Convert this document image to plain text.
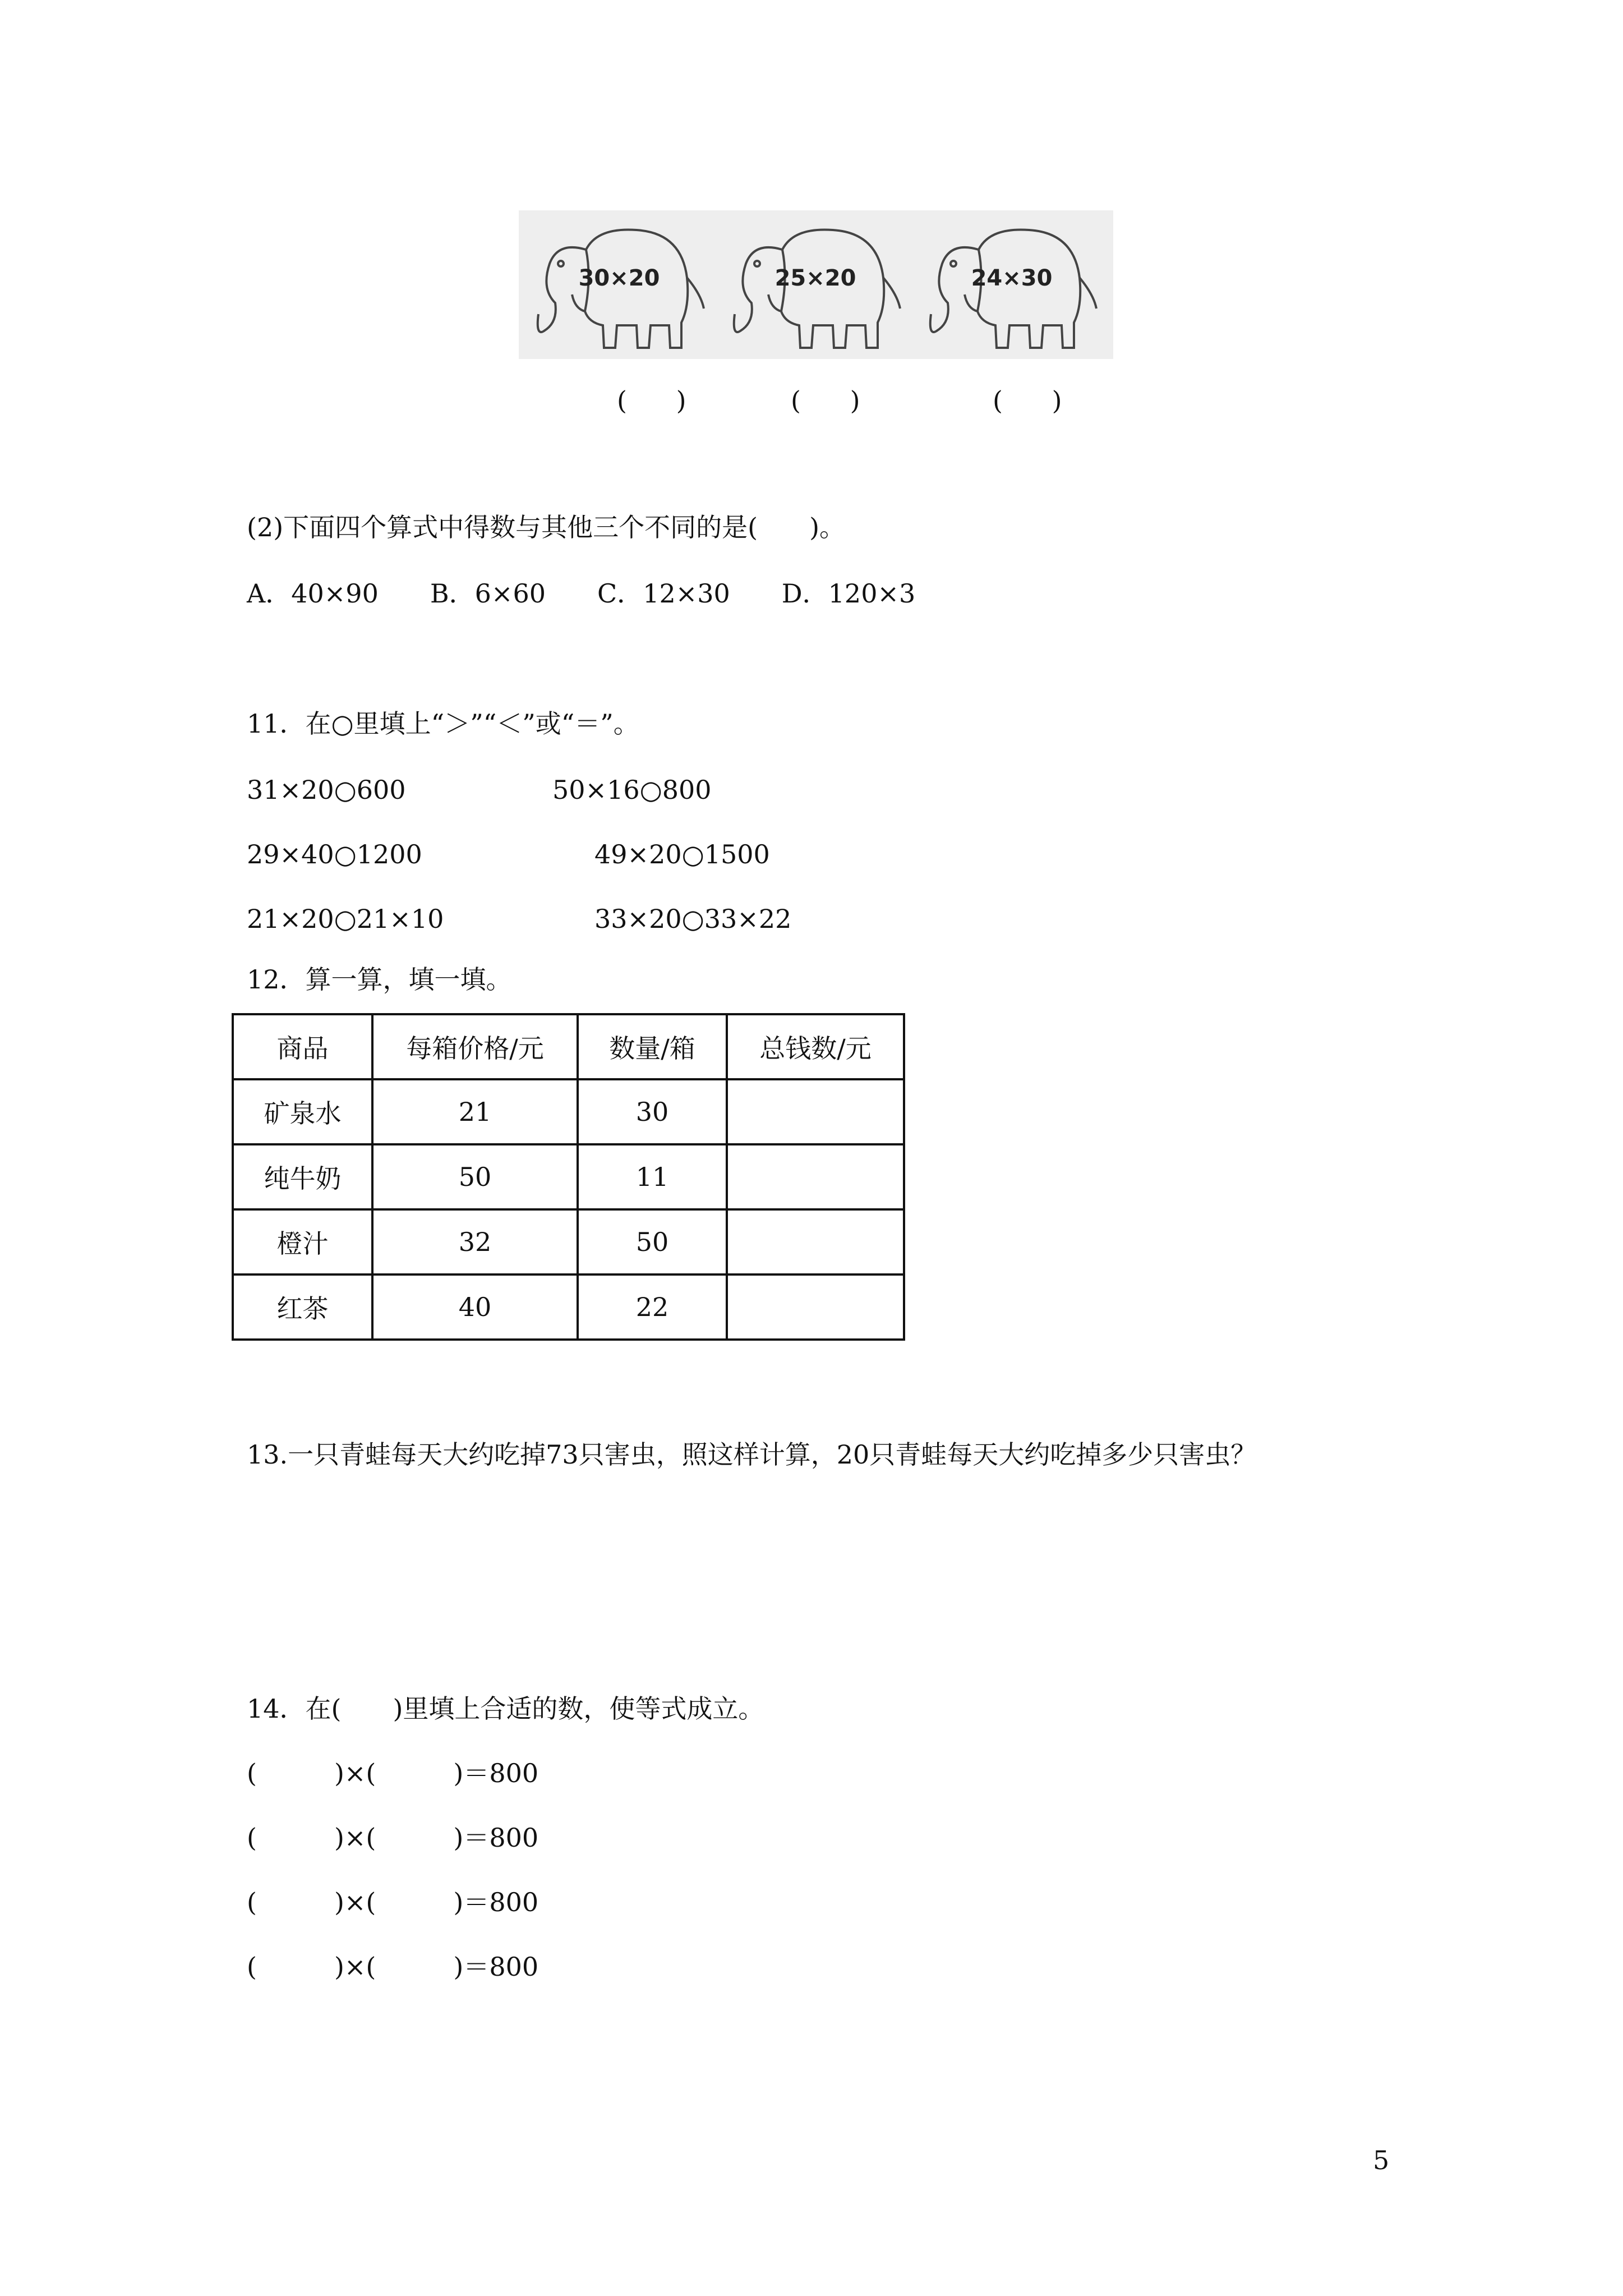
30×20	25×20	24×30
(      )	(      )	(      )
(2)下面四个算式中得数与其他三个不同的是(　　)。
A．40×90　　B．6×60　　C．12×30　　D．120×3
11．在○里填上“＞”“＜”或“＝”。
31×20○600	50×16○800
29×40○1200	49×20○1500
21×20○21×10	33×20○33×22
12．算一算，填一填。
商品	每箱价格/元	数量/箱	总钱数/元
矿泉水	21	30	
纯牛奶	50	11	
橙汁	32	50	
红茶	40	22	
13.一只青蛙每天大约吃掉73只害虫，照这样计算，20只青蛙每天大约吃掉多少只害虫？
14．在(　　)里填上合适的数，使等式成立。
(　　　)×(　　　)＝800
(　　　)×(　　　)＝800
(　　　)×(　　　)＝800
(　　　)×(　　　)＝800
5
